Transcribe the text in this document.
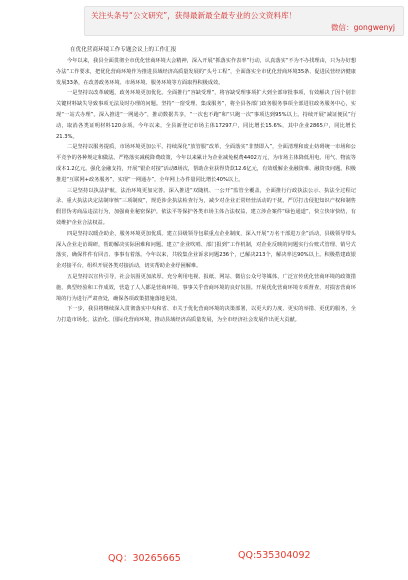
关注头条号“公文研究”，获得最新最全最专业的公文资料库！
微信：gongwenyj

在优化营商环境工作专题会议上的工作汇报

今年以来，我县全面贯彻全市优化营商环境大会精神，深入开展“抓落实作表率”行动，认真落实“不为不办找理由，只为办好想办法”工作要求，把优化营商环境作为推进县域经济高质量发展的“头号工程”，全面落实全市优化营商环境35条、促进民营经济健康发展33条，在改善政务环境、市场环境、服务环境等方面取得积极成效。

一是坚持以改革破题，政务环境更加优化。全面推行“容缺受理”，将容缺受理事项扩大到全部审批事项，有效解决了因个别非关键材料缺失导致事项无法及时办理的问题。坚持“一窗受理、集成服务”，将全县各部门政务服务事项全部进驻政务服务中心，实现“一站式办理”。深入推进“一网通办”，推动数据共享，“一次也不跑”和“只跑一次”事项达到95%以上。持续开展“减证便民”行动，取消各类证明材料120余项。今年以来，全县新登记市场主体17297户，同比增长15.6%，其中企业2865户，同比增长21.3%。

二是坚持以服务提质，市场环境更加公平。持续深化“放管服”改革，全面落实“非禁即入”，全面清理和废止妨碍统一市场和公平竞争的各种规定和做法。严格落实减税降费政策，今年以来累计为企业减免税费4402万元，为市场主体降低用电、用气、物流等成本1.2亿元。强化金融支持，开展“银企对接”活动8场次，帮助企业获得贷款12.6亿元，有效缓解企业融资难、融资贵问题。积极推进“互联网+政务服务”，实现“一网通办”，全年网上办件量同比增长40%以上。

三是坚持以执法护航，法治环境更加完善。深入推进“双随机、一公开”监管全覆盖，全面推行行政执法公示、执法全过程记录、重大执法决定法制审核“三项制度”，规范涉企执法检查行为，减少对企业正常经营活动的干扰。严厉打击侵犯知识产权和制售假冒伪劣商品违法行为，加强商业秘密保护。依法平等保护各类市场主体合法权益，建立涉企案件“绿色通道”，快立快审快结，有效维护企业合法权益。

四是坚持以暖企助企，服务环境更加优质。建立县级领导包联重点企业制度，深入开展“万名干部进万企”活动，县级领导带头深入企业走访调研，帮助解决实际困难和问题。建立“企业吹哨、部门报到”工作机制，对企业反映的问题实行台账式管理、销号式落实，确保件件有回音、事事有着落。今年以来，共收集企业诉求问题236个，已解决213个，解决率达90%以上。积极搭建政银企对接平台，组织开展各类对接活动，切实帮助企业纾困解难。

五是坚持以宣传引导，社会氛围更加浓厚。充分利用电视、报纸、网站、微信公众号等媒体，广泛宣传优化营商环境的政策措施、典型经验和工作成效，营造了人人都是营商环境、事事关乎营商环境的良好氛围。开展优化营商环境专项督查，对损害营商环境的行为进行严肃查处，确保各项政策措施落地见效。

下一步，我县将继续深入贯彻落实中央和省、市关于优化营商环境的决策部署，以更大的力度、更实的举措、更优的服务，全力打造市场化、法治化、国际化营商环境，推动县域经济高质量发展，为全市经济社会发展作出更大贡献。

QQ：30265665	QQ:535304092
